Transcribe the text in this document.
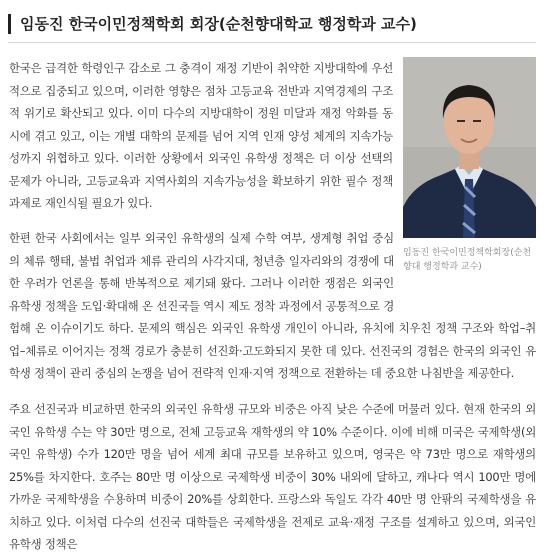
임동진 한국이민정책학회 회장(순천향대학교 행정학과 교수)

한국은 급격한 학령인구 감소로 그 충격이 재정 기반이 취약한 지방대학에 우선적으로 집중되고 있으며, 이러한 영향은 점차 고등교육 전반과 지역경제의 구조적 위기로 확산되고 있다. 이미 다수의 지방대학이 정원 미달과 재정 악화를 동시에 겪고 있고, 이는 개별 대학의 문제를 넘어 지역 인재 양성 체계의 지속가능성까지 위협하고 있다. 이러한 상황에서 외국인 유학생 정책은 더 이상 선택의 문제가 아니라, 고등교육과 지역사회의 지속가능성을 확보하기 위한 필수 정책 과제로 재인식될 필요가 있다.

임동진 한국이민정책학회장(순천향대 행정학과 교수)

한편 한국 사회에서는 일부 외국인 유학생의 실제 수학 여부, 생계형 취업 중심의 체류 행태, 불법 취업과 체류 관리의 사각지대, 청년층 일자리와의 경쟁에 대한 우려가 언론을 통해 반복적으로 제기돼 왔다. 그러나 이러한 쟁점은 외국인 유학생 정책을 도입·확대해 온 선진국들 역시 제도 정착 과정에서 공통적으로 경험해 온 이슈이기도 하다. 문제의 핵심은 외국인 유학생 개인이 아니라, 유치에 치우친 정책 구조와 학업–취업–체류로 이어지는 정책 경로가 충분히 선진화·고도화되지 못한 데 있다. 선진국의 경험은 한국의 외국인 유학생 정책이 관리 중심의 논쟁을 넘어 전략적 인재·지역 정책으로 전환하는 데 중요한 나침반을 제공한다.

주요 선진국과 비교하면 한국의 외국인 유학생 규모와 비중은 아직 낮은 수준에 머물러 있다. 현재 한국의 외국인 유학생 수는 약 30만 명으로, 전체 고등교육 재학생의 약 10% 수준이다. 이에 비해 미국은 국제학생(외국인 유학생) 수가 120만 명을 넘어 세계 최대 규모를 보유하고 있으며, 영국은 약 73만 명으로 재학생의 25%를 차지한다. 호주는 80만 명 이상으로 국제학생 비중이 30% 내외에 달하고, 캐나다 역시 100만 명에 가까운 국제학생을 수용하며 비중이 20%를 상회한다. 프랑스와 독일도 각각 40만 명 안팎의 국제학생을 유치하고 있다. 이처럼 다수의 선진국 대학들은 국제학생을 전제로 교육·재정 구조를 설계하고 있으며, 외국인 유학생 정책은
